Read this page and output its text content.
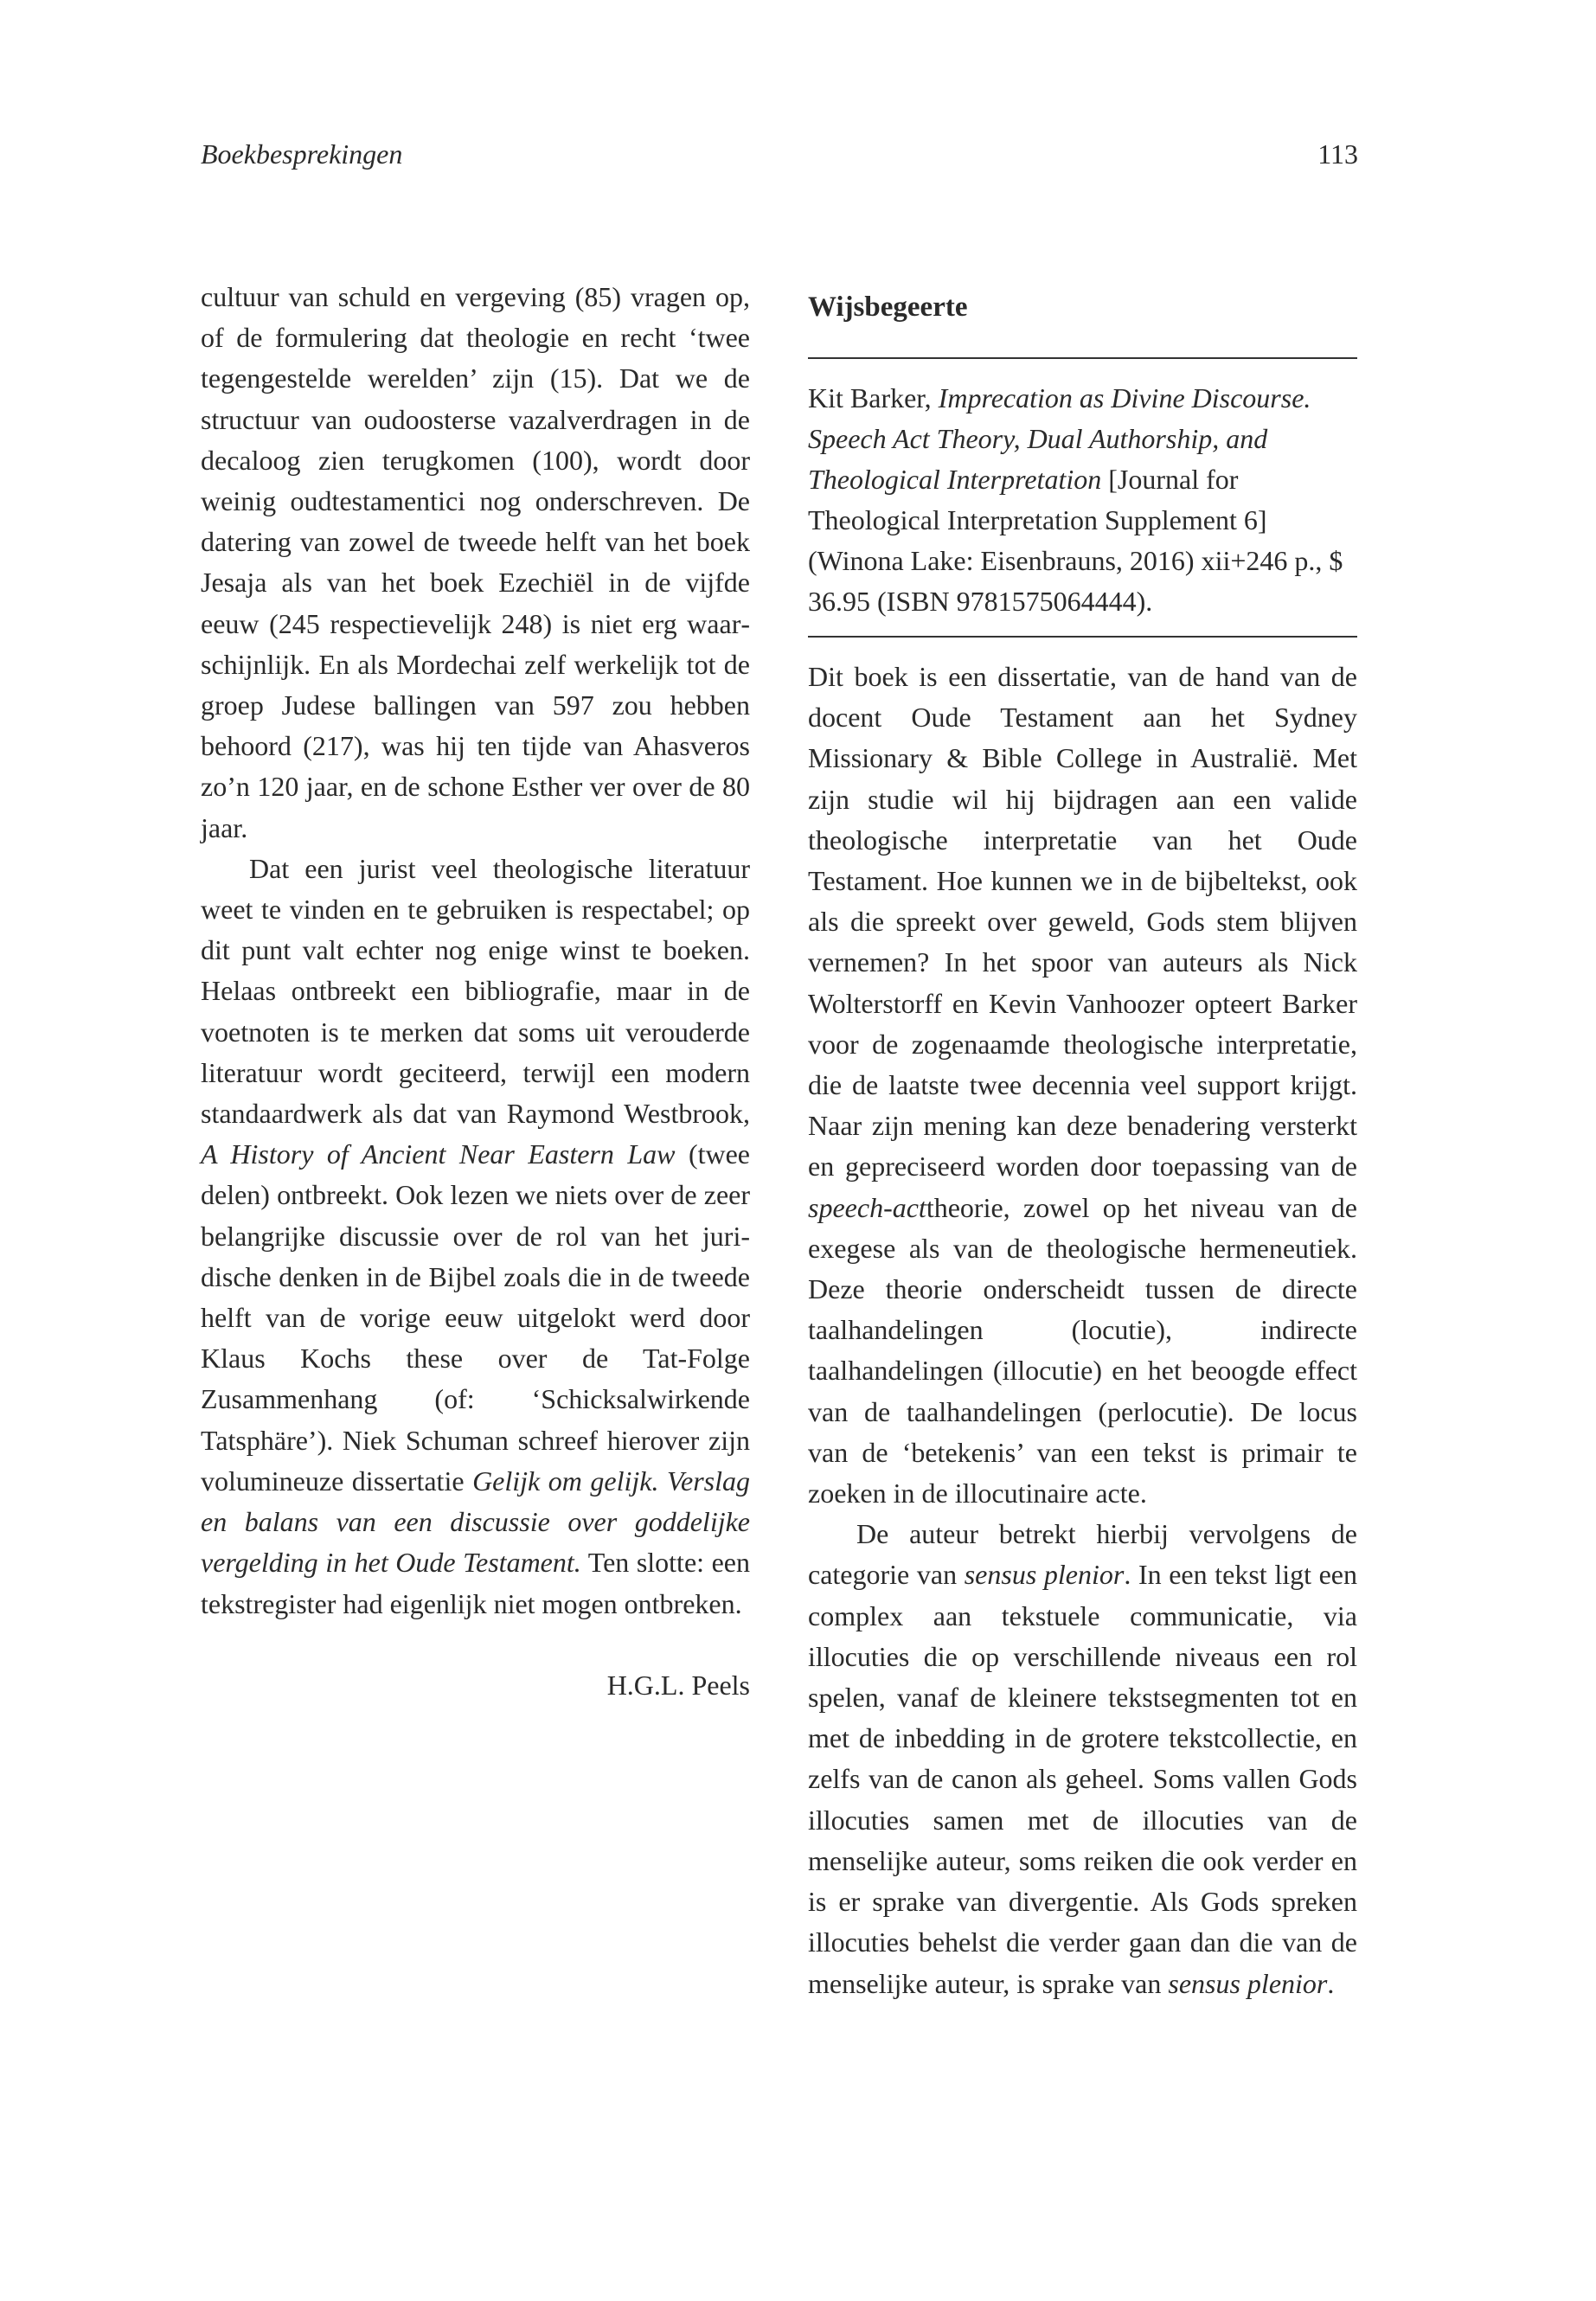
Boekbesprekingen	113

cultuur van schuld en vergeving (85) vragen op, of de formulering dat theologie en recht ‘twee tegengestelde werelden’ zijn (15). Dat we de structuur van oudoosterse vazalverdragen in de decaloog zien terugkomen (100), wordt door weinig oudtestamentici nog onderschreven. De datering van zowel de tweede helft van het boek Jesaja als van het boek Ezechiël in de vijfde eeuw (245 respectievelijk 248) is niet erg waarschijnlijk. En als Mordechai zelf werkelijk tot de groep Judese ballingen van 597 zou hebben behoord (217), was hij ten tijde van Ahasveros zo’n 120 jaar, en de schone Esther ver over de 80 jaar.

Dat een jurist veel theologische literatuur weet te vinden en te gebruiken is respectabel; op dit punt valt echter nog enige winst te boeken. Helaas ontbreekt een bibliografie, maar in de voetnoten is te merken dat soms uit verouderde literatuur wordt geciteerd, terwijl een modern standaardwerk als dat van Raymond Westbrook, A History of Ancient Near Eastern Law (twee delen) ontbreekt. Ook lezen we niets over de zeer belangrijke discussie over de rol van het juridische denken in de Bijbel zoals die in de tweede helft van de vorige eeuw uitgelokt werd door Klaus Kochs these over de Tat-Folge Zusammenhang (of: ‘Schicksalwirkende Tatsphäre’). Niek Schuman schreef hierover zijn volumineuze dissertatie Gelijk om gelijk. Verslag en balans van een discussie over goddelijke vergelding in het Oude Testament. Ten slotte: een tekstregister had eigenlijk niet mogen ontbreken.

H.G.L. Peels

Wijsbegeerte

Kit Barker, Imprecation as Divine Discourse. Speech Act Theory, Dual Authorship, and Theological Interpretation [Journal for Theological Interpretation Supplement 6] (Winona Lake: Eisenbrauns, 2016) xii+246 p., $ 36.95 (ISBN 9781575064444).

Dit boek is een dissertatie, van de hand van de docent Oude Testament aan het Sydney Missionary & Bible College in Australië. Met zijn studie wil hij bijdragen aan een valide theologische interpretatie van het Oude Testament. Hoe kunnen we in de bijbeltekst, ook als die spreekt over geweld, Gods stem blijven vernemen? In het spoor van auteurs als Nick Wolterstorff en Kevin Vanhoozer opteert Barker voor de zogenaamde theologische interpretatie, die de laatste twee decennia veel support krijgt. Naar zijn mening kan deze benadering versterkt en gepreciseerd worden door toepassing van de speech-acttheorie, zowel op het niveau van de exegese als van de theologische hermeneutiek. Deze theorie onderscheidt tussen de directe taalhandelingen (locutie), indirecte taalhandelingen (illocutie) en het beoogde effect van de taalhandelingen (perlocutie). De locus van de ‘betekenis’ van een tekst is primair te zoeken in de illocutinaire acte.

De auteur betrekt hierbij vervolgens de categorie van sensus plenior. In een tekst ligt een complex aan tekstuele communicatie, via illocuties die op verschillende niveaus een rol spelen, vanaf de kleinere tekstsegmenten tot en met de inbedding in de grotere tekstcollectie, en zelfs van de canon als geheel. Soms vallen Gods illocuties samen met de illocuties van de menselijke auteur, soms reiken die ook verder en is er sprake van divergentie. Als Gods spreken illocuties behelst die verder gaan dan die van de menselijke auteur, is sprake van sensus plenior.
